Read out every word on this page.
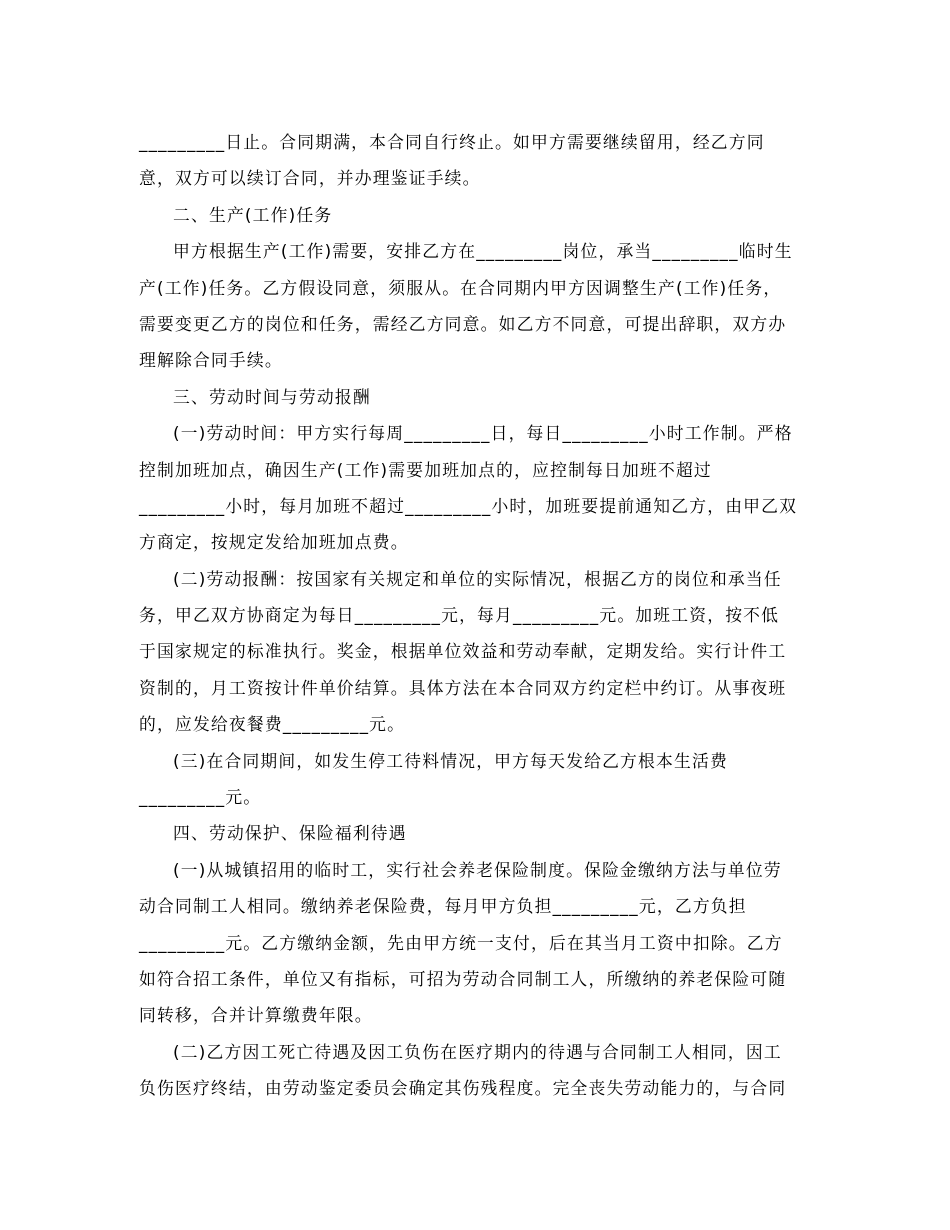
_________日止。合同期满，本合同自行终止。如甲方需要继续留用，经乙方同
意，双方可以续订合同，并办理鉴证手续。

二、生产(工作)任务

甲方根据生产(工作)需要，安排乙方在_________岗位，承当_________临时生
产(工作)任务。乙方假设同意，须服从。在合同期内甲方因调整生产(工作)任务，
需要变更乙方的岗位和任务，需经乙方同意。如乙方不同意，可提出辞职，双方办
理解除合同手续。

三、劳动时间与劳动报酬

(一)劳动时间：甲方实行每周_________日，每日_________小时工作制。严格
控制加班加点，确因生产(工作)需要加班加点的，应控制每日加班不超过
_________小时，每月加班不超过_________小时，加班要提前通知乙方，由甲乙双
方商定，按规定发给加班加点费。

(二)劳动报酬：按国家有关规定和单位的实际情况，根据乙方的岗位和承当任
务，甲乙双方协商定为每日_________元，每月_________元。加班工资，按不低
于国家规定的标准执行。奖金，根据单位效益和劳动奉献，定期发给。实行计件工
资制的，月工资按计件单价结算。具体方法在本合同双方约定栏中约订。从事夜班
的，应发给夜餐费_________元。

(三)在合同期间，如发生停工待料情况，甲方每天发给乙方根本生活费
_________元。

四、劳动保护、保险福利待遇

(一)从城镇招用的临时工，实行社会养老保险制度。保险金缴纳方法与单位劳
动合同制工人相同。缴纳养老保险费，每月甲方负担_________元，乙方负担
_________元。乙方缴纳金额，先由甲方统一支付，后在其当月工资中扣除。乙方
如符合招工条件，单位又有指标，可招为劳动合同制工人，所缴纳的养老保险可随
同转移，合并计算缴费年限。

(二)乙方因工死亡待遇及因工负伤在医疗期内的待遇与合同制工人相同，因工
负伤医疗终结，由劳动鉴定委员会确定其伤残程度。完全丧失劳动能力的，与合同
